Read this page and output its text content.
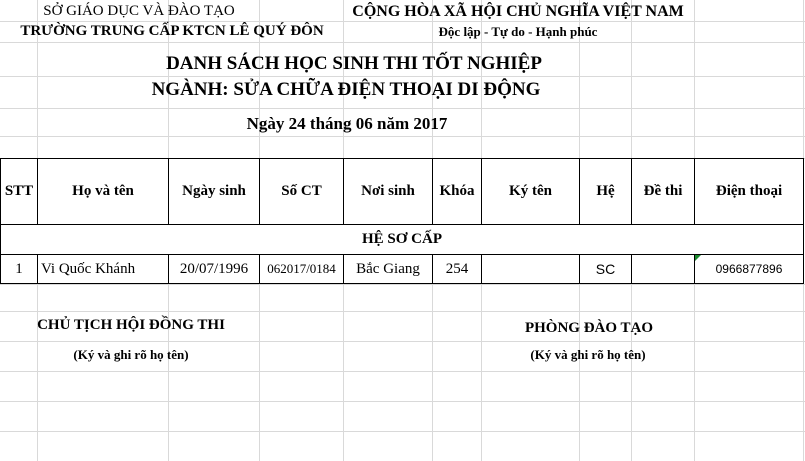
SỞ GIÁO DỤC VÀ ĐÀO TẠO
TRƯỜNG TRUNG CẤP KTCN LÊ QUÝ ĐÔN
CỘNG HÒA XÃ HỘI CHỦ NGHĨA VIỆT NAM
Độc lập - Tự do - Hạnh phúc
DANH SÁCH HỌC SINH THI TỐT NGHIỆP
NGÀNH: SỬA CHỮA ĐIỆN THOẠI DI ĐỘNG
Ngày 24 tháng 06 năm 2017
STT	Họ và tên	Ngày sinh	Số CT	Nơi sinh	Khóa	Ký tên	Hệ	Đề thi	Điện thoại
HỆ SƠ CẤP									
1	Vi Quốc Khánh	20/07/1996	062017/0184	Bắc Giang	254		SC		0966877896
CHỦ TỊCH HỘI ĐỒNG THI
(Ký và ghi rõ họ tên)
PHÒNG ĐÀO TẠO
(Ký và ghi rõ họ tên)
